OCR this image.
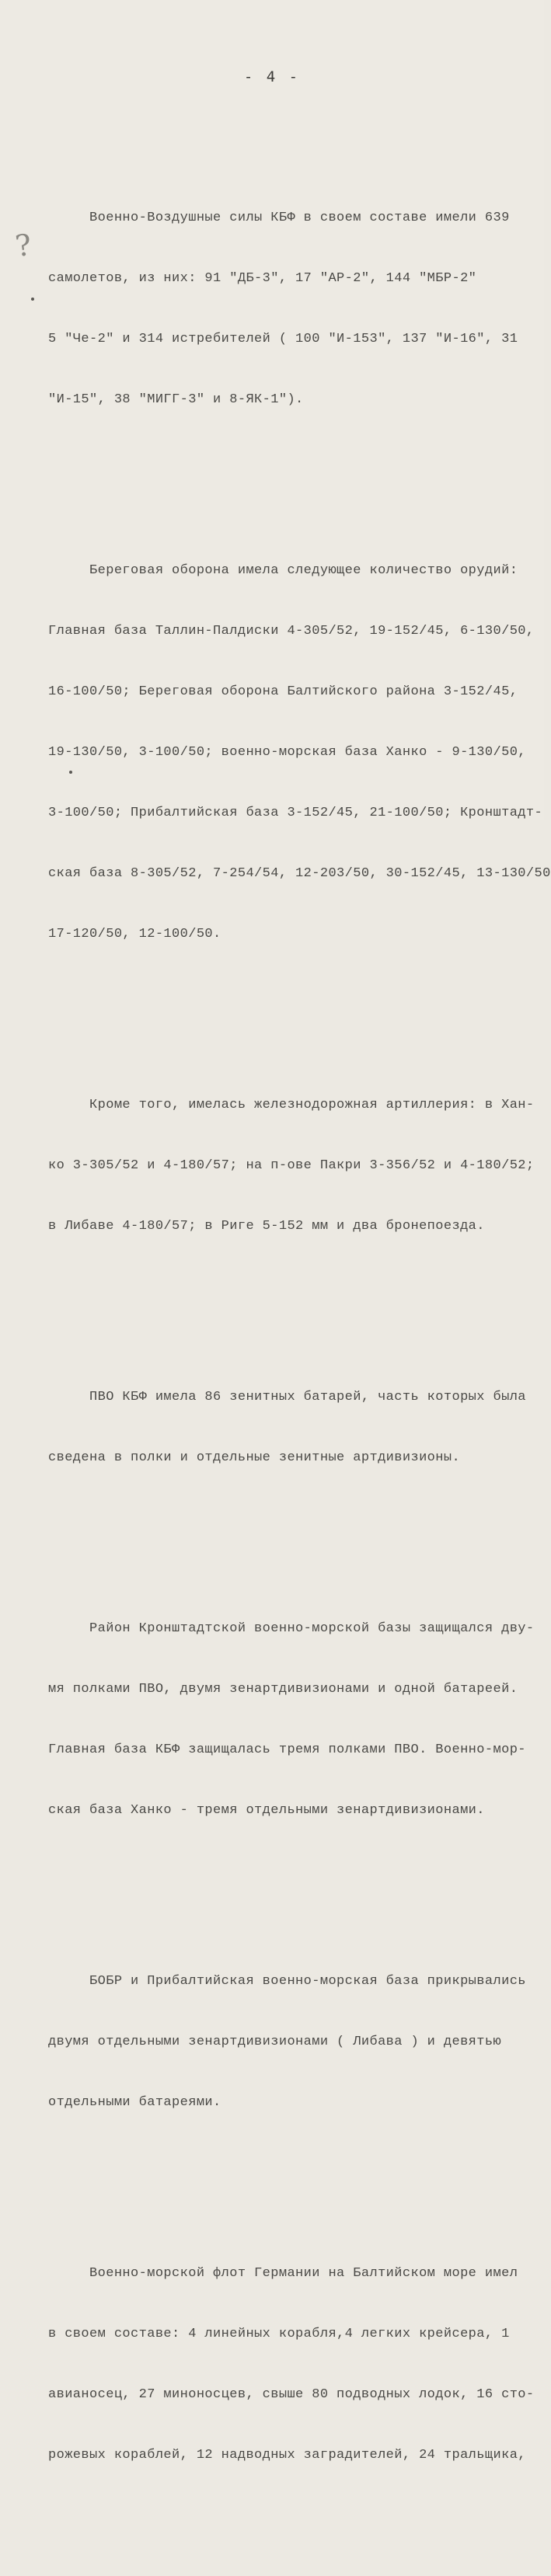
- 4 -
?

Военно-Воздушные силы КБФ в своем составе имели 639

самолетов, из них: 91 "ДБ-3", 17 "АР-2", 144 "МБР-2"

5 "Че-2" и 314 истребителей ( 100 "И-153", 137 "И-16", 31

"И-15", 38 "МИГГ-3" и 8-ЯК-1").

Береговая оборона имела следующее количество орудий:

Главная база Таллин-Палдиски 4-305/52, 19-152/45, 6-130/50,

16-100/50; Береговая оборона Балтийского района 3-152/45,

19-130/50, 3-100/50; военно-морская база Ханко - 9-130/50,

3-100/50; Прибалтийская база 3-152/45, 21-100/50; Кронштадт-

ская база 8-305/52, 7-254/54, 12-203/50, 30-152/45, 13-130/50

17-120/50, 12-100/50.

Кроме того, имелась железнодорожная артиллерия: в Хан-

ко 3-305/52 и 4-180/57; на п-ове Пакри 3-356/52 и 4-180/52;

в Либаве 4-180/57; в Риге 5-152 мм и два бронепоезда.

ПВО КБФ имела 86 зенитных батарей, часть которых была

сведена в полки и отдельные зенитные артдивизионы.

Район Кронштадтской военно-морской базы защищался дву-

мя полками ПВО, двумя зенартдивизионами и одной батареей.

Главная база КБФ защищалась тремя полками ПВО. Военно-мор-

ская база Ханко - тремя отдельными зенартдивизионами.

БОБР и Прибалтийская военно-морская база прикрывались

двумя отдельными зенартдивизионами ( Либава ) и девятью

отдельными батареями.

Военно-морской флот Германии на Балтийском море имел

в своем составе: 4 линейных корабля,4 легких крейсера, 1

авианосец, 27 миноносцев, свыше 80 подводных лодок, 16 сто-

рожевых кораблей, 12 надводных заградителей, 24 тральщика,
